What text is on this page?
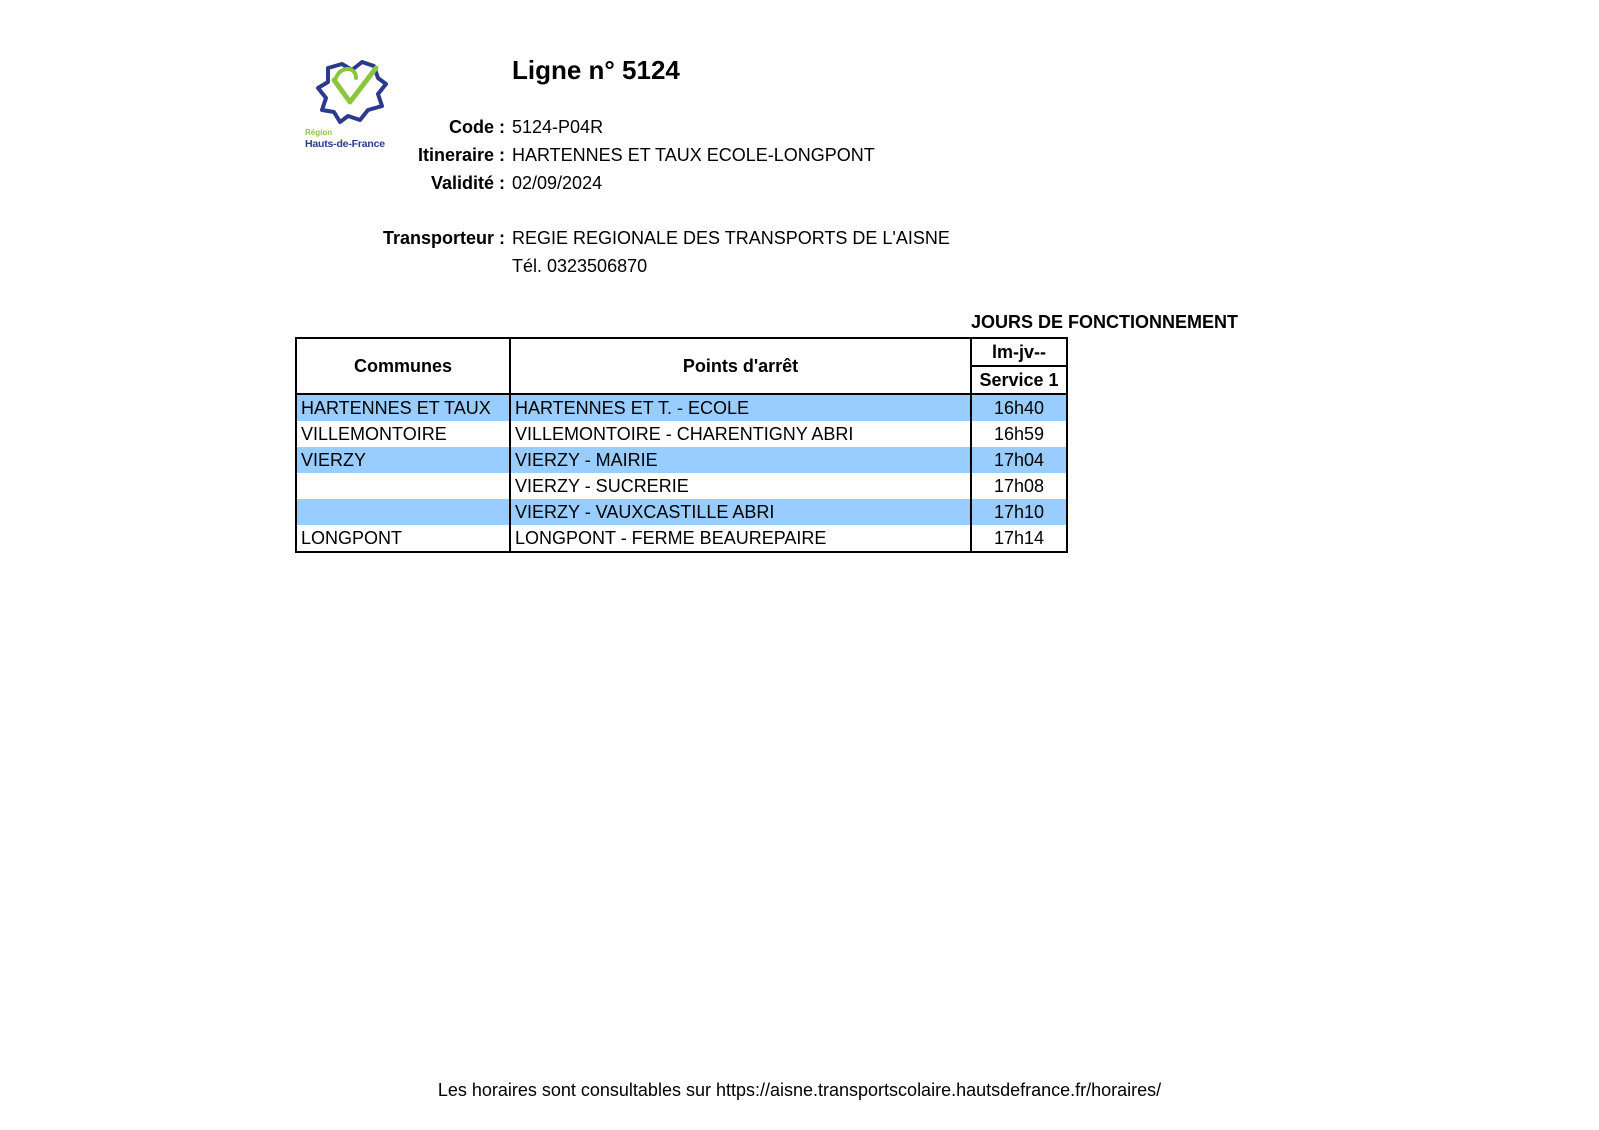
Région
Hauts-de-France
Ligne n° 5124
Code : 5124-P04R
Itineraire : HARTENNES ET TAUX ECOLE-LONGPONT
Validité : 02/09/2024
Transporteur : REGIE REGIONALE DES TRANSPORTS DE L'AISNE
Tél. 0323506870
JOURS DE FONCTIONNEMENT
Communes	Points d'arrêt	lm-jv--
		Service 1
HARTENNES ET TAUX	HARTENNES ET T. - ECOLE	16h40
VILLEMONTOIRE	VILLEMONTOIRE - CHARENTIGNY ABRI	16h59
VIERZY	VIERZY - MAIRIE	17h04
	VIERZY - SUCRERIE	17h08
	VIERZY - VAUXCASTILLE ABRI	17h10
LONGPONT	LONGPONT - FERME BEAUREPAIRE	17h14
Les horaires sont consultables sur https://aisne.transportscolaire.hautsdefrance.fr/horaires/
